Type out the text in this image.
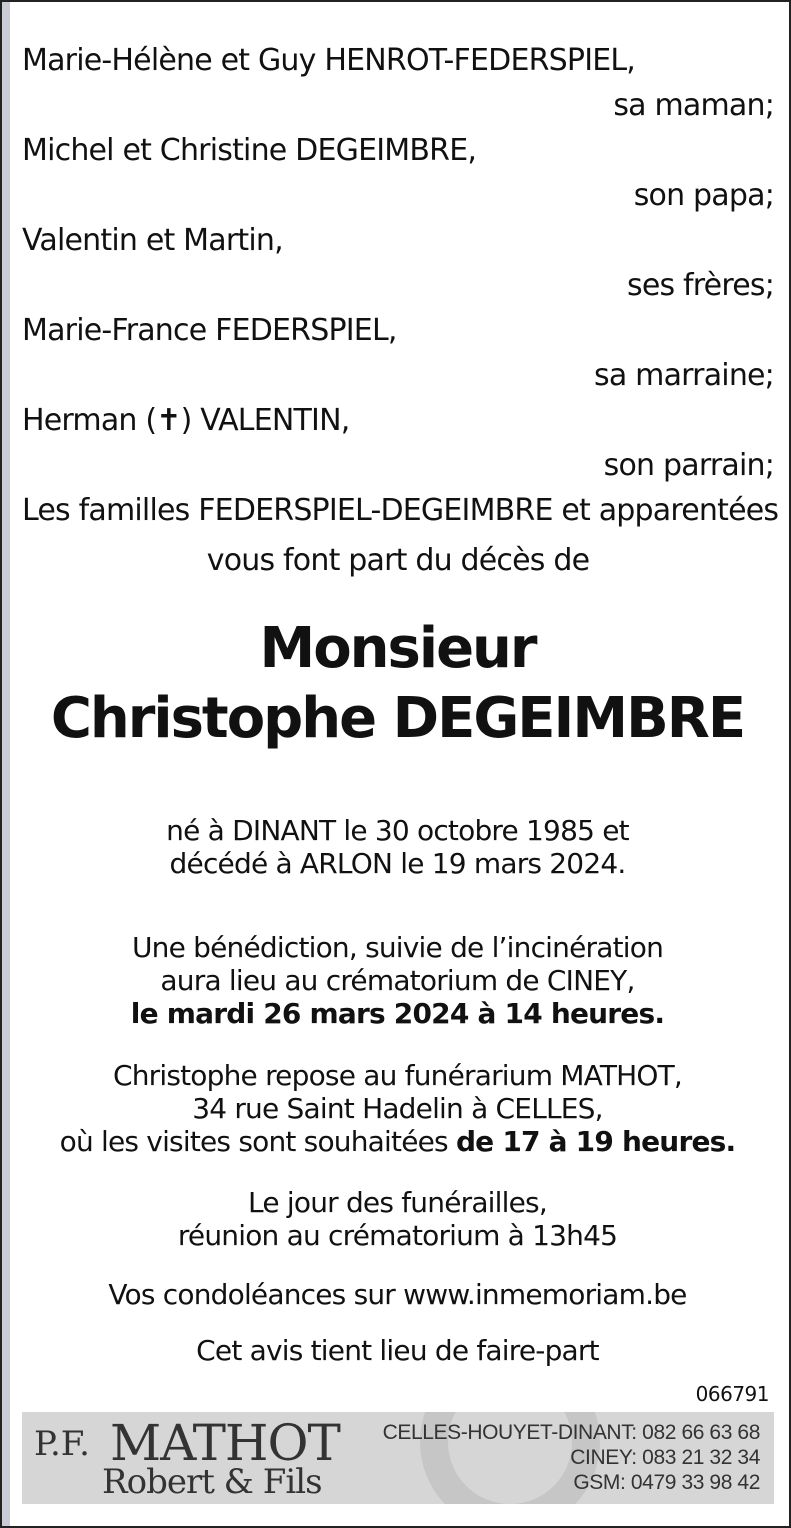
Marie-Hélène et Guy HENROT-FEDERSPIEL,
sa maman;
Michel et Christine DEGEIMBRE,
son papa;
Valentin et Martin,
ses frères;
Marie-France FEDERSPIEL,
sa marraine;
Herman (✝) VALENTIN,
son parrain;
Les familles FEDERSPIEL-DEGEIMBRE et apparentées
vous font part du décès de
Monsieur
Christophe DEGEIMBRE
né à DINANT le 30 octobre 1985 et
décédé à ARLON le 19 mars 2024.
Une bénédiction, suivie de l’incinération
aura lieu au crématorium de CINEY,
le mardi 26 mars 2024 à 14 heures.
Christophe repose au funérarium MATHOT,
34 rue Saint Hadelin à CELLES,
où les visites sont souhaitées de 17 à 19 heures.
Le jour des funérailles,
réunion au crématorium à 13h45
Vos condoléances sur www.inmemoriam.be
Cet avis tient lieu de faire-part
066791
P.F. MATHOT
Robert & Fils
CELLES-HOUYET-DINANT: 082 66 63 68
CINEY: 083 21 32 34
GSM: 0479 33 98 42
